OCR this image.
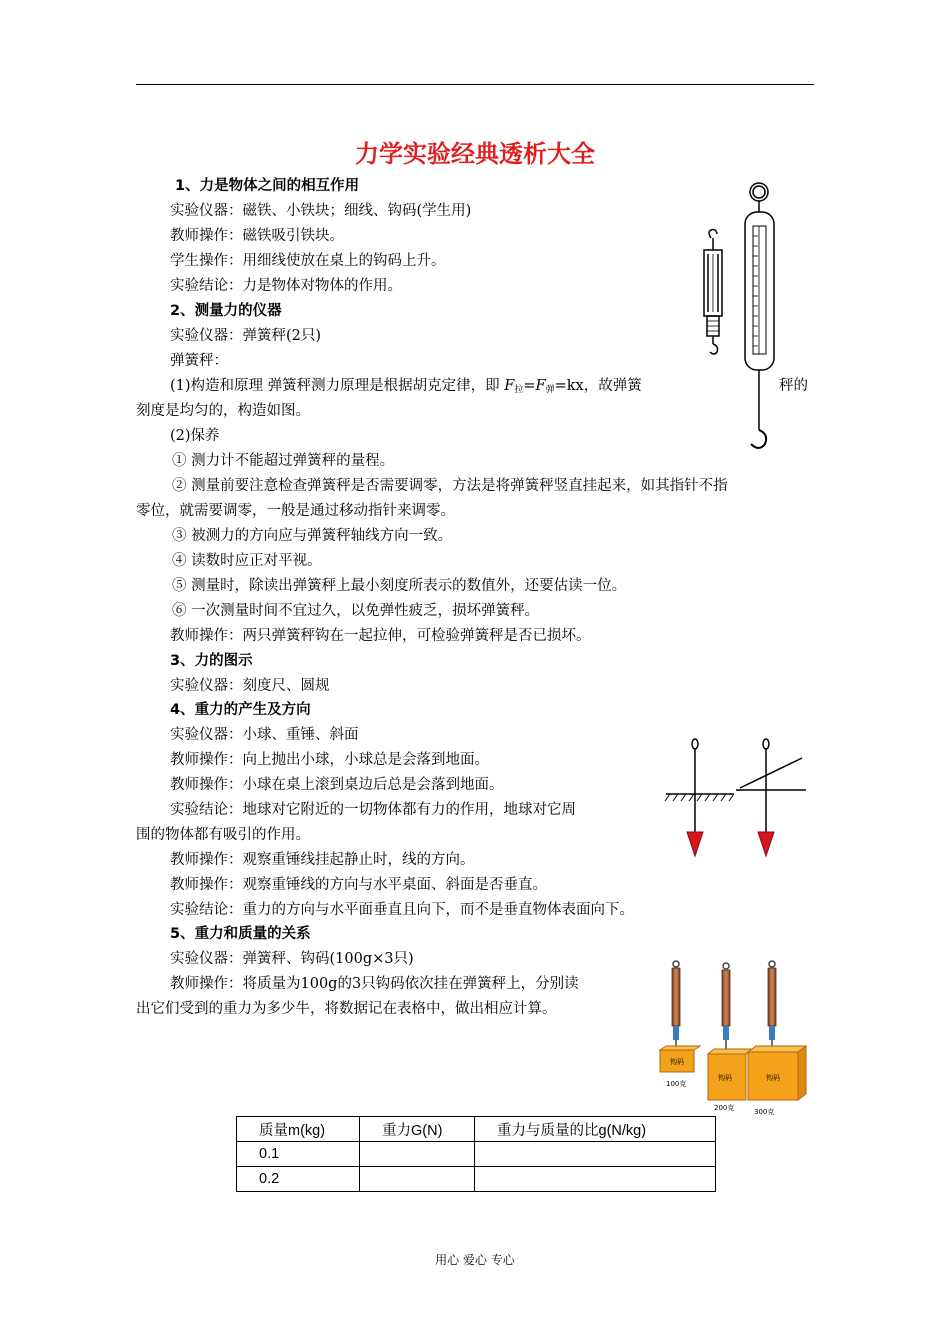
力学实验经典透析大全
1、力是物体之间的相互作用
实验仪器：磁铁、小铁块；细线、钩码(学生用)
教师操作：磁铁吸引铁块。
学生操作：用细线使放在桌上的钩码上升。
实验结论：力是物体对物体的作用。
2、测量力的仪器
实验仪器：弹簧秤(2只)
弹簧秤：
(1)构造和原理 弹簧秤测力原理是根据胡克定律，即 $F_拉=F_弹=kx$，故弹簧	秤的
刻度是均匀的，构造如图。
(2)保养
① 测力计不能超过弹簧秤的量程。
② 测量前要注意检查弹簧秤是否需要调零，方法是将弹簧秤竖直挂起来，如其指针不指
零位，就需要调零，一般是通过移动指针来调零。
③ 被测力的方向应与弹簧秤轴线方向一致。
④ 读数时应正对平视。
⑤ 测量时，除读出弹簧秤上最小刻度所表示的数值外，还要估读一位。
⑥ 一次测量时间不宜过久，以免弹性疲乏，损坏弹簧秤。
教师操作：两只弹簧秤钩在一起拉伸，可检验弹簧秤是否已损坏。
3、力的图示
实验仪器：刻度尺、圆规
4、重力的产生及方向
实验仪器：小球、重锤、斜面
教师操作：向上抛出小球，小球总是会落到地面。
教师操作：小球在桌上滚到桌边后总是会落到地面。
实验结论：地球对它附近的一切物体都有力的作用，地球对它周
围的物体都有吸引的作用。
教师操作：观察重锤线挂起静止时，线的方向。
教师操作：观察重锤线的方向与水平桌面、斜面是否垂直。
实验结论：重力的方向与水平面垂直且向下，而不是垂直物体表面向下。
5、重力和质量的关系
实验仪器：弹簧秤、钩码(100g×3只)
教师操作：将质量为100g的3只钩码依次挂在弹簧秤上，分别读
出它们受到的重力为多少牛，将数据记在表格中，做出相应计算。
钩码
100克
钩码
200克
钩码
300克
质量m(kg)	重力G(N)	重力与质量的比g(N/kg)
0.1		
0.2		
用心 爱心 专心
